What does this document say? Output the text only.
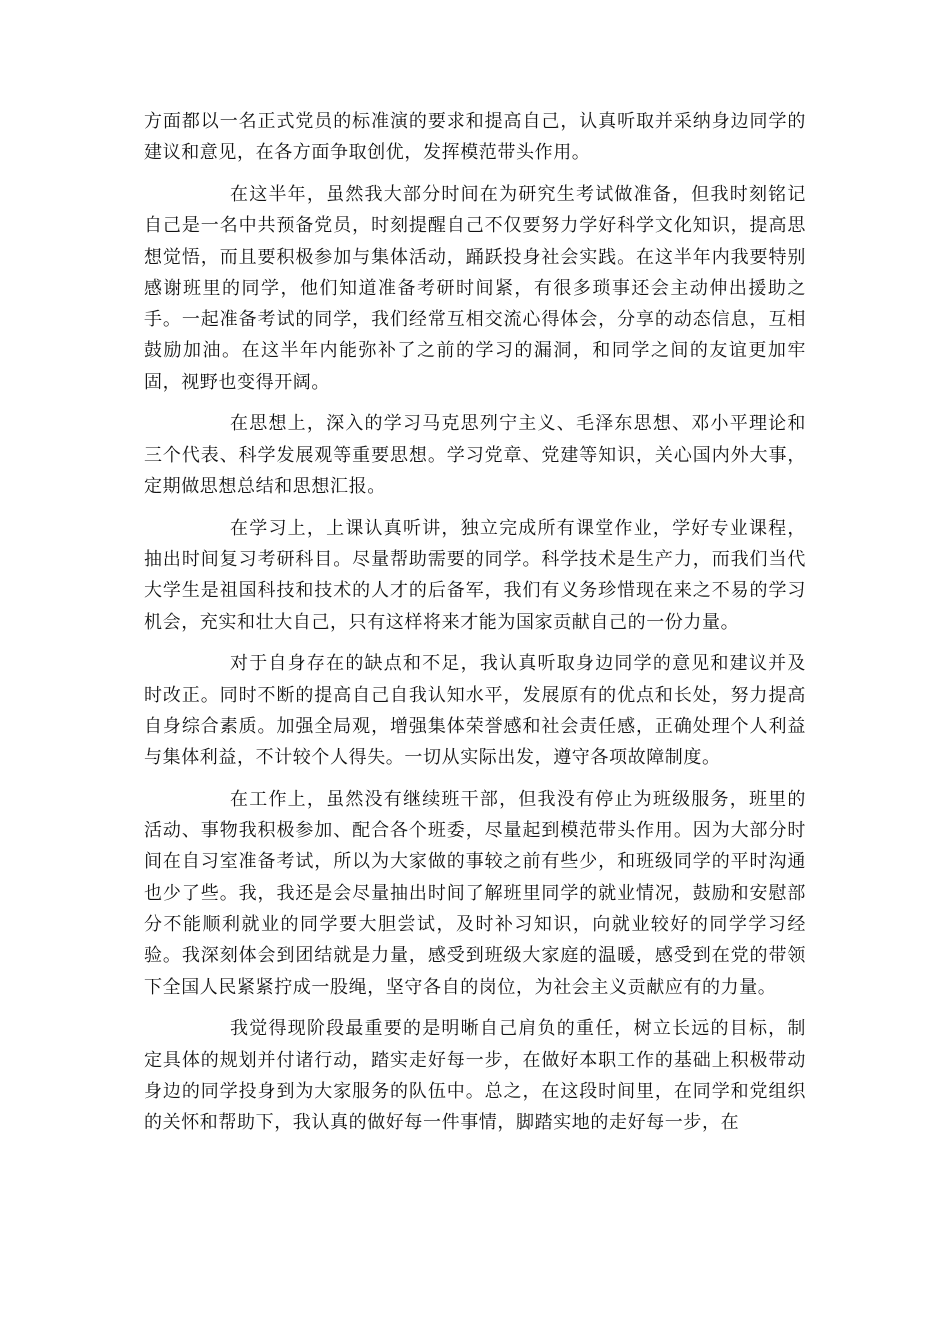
方面都以一名正式党员的标准演的要求和提高自己，认真听取并采纳身边同学的建议和意见，在各方面争取创优，发挥模范带头作用。

在这半年，虽然我大部分时间在为研究生考试做准备，但我时刻铭记自己是一名中共预备党员，时刻提醒自己不仅要努力学好科学文化知识，提高思想觉悟，而且要积极参加与集体活动，踊跃投身社会实践。在这半年内我要特别感谢班里的同学，他们知道准备考研时间紧，有很多琐事还会主动伸出援助之手。一起准备考试的同学，我们经常互相交流心得体会，分享的动态信息，互相鼓励加油。在这半年内能弥补了之前的学习的漏洞，和同学之间的友谊更加牢固，视野也变得开阔。

在思想上，深入的学习马克思列宁主义、毛泽东思想、邓小平理论和三个代表、科学发展观等重要思想。学习党章、党建等知识，关心国内外大事，定期做思想总结和思想汇报。

在学习上，上课认真听讲，独立完成所有课堂作业，学好专业课程，抽出时间复习考研科目。尽量帮助需要的同学。科学技术是生产力，而我们当代大学生是祖国科技和技术的人才的后备军，我们有义务珍惜现在来之不易的学习机会，充实和壮大自己，只有这样将来才能为国家贡献自己的一份力量。

对于自身存在的缺点和不足，我认真听取身边同学的意见和建议并及时改正。同时不断的提高自己自我认知水平，发展原有的优点和长处，努力提高自身综合素质。加强全局观，增强集体荣誉感和社会责任感，正确处理个人利益与集体利益，不计较个人得失。一切从实际出发，遵守各项故障制度。

在工作上，虽然没有继续班干部，但我没有停止为班级服务，班里的活动、事物我积极参加、配合各个班委，尽量起到模范带头作用。因为大部分时间在自习室准备考试，所以为大家做的事较之前有些少，和班级同学的平时沟通也少了些。我，我还是会尽量抽出时间了解班里同学的就业情况，鼓励和安慰部分不能顺利就业的同学要大胆尝试，及时补习知识，向就业较好的同学学习经验。我深刻体会到团结就是力量，感受到班级大家庭的温暖，感受到在党的带领下全国人民紧紧拧成一股绳，坚守各自的岗位，为社会主义贡献应有的力量。

我觉得现阶段最重要的是明晰自己肩负的重任，树立长远的目标，制定具体的规划并付诸行动，踏实走好每一步，在做好本职工作的基础上积极带动身边的同学投身到为大家服务的队伍中。总之，在这段时间里，在同学和党组织的关怀和帮助下，我认真的做好每一件事情，脚踏实地的走好每一步，在
